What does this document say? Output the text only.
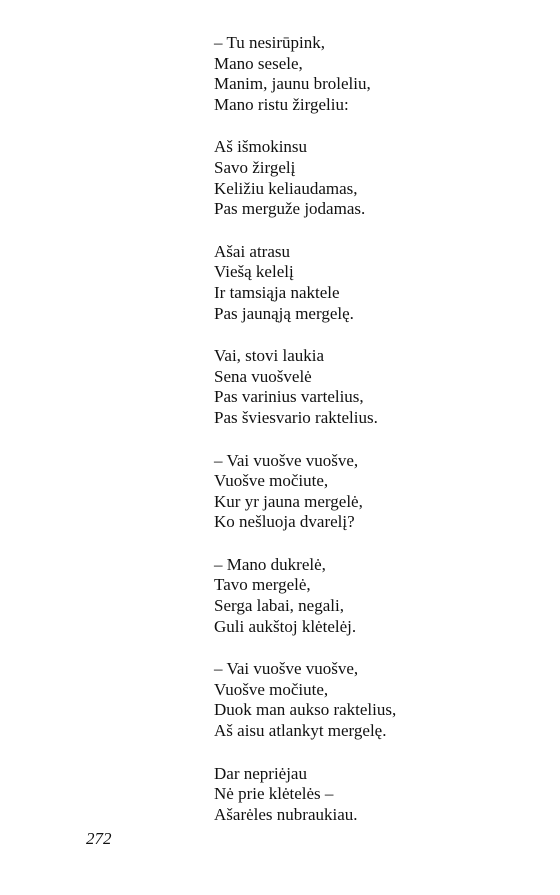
– Tu nesirūpink,
Mano sesele,
Manim, jaunu broleliu,
Mano ristu žirgeliu:
Aš išmokinsu
Savo žirgelį
Keližiu keliaudamas,
Pas merguže jodamas.
Ašai atrasu
Viešą kelelį
Ir tamsiąja naktele
Pas jaunąją mergelę.
Vai, stovi laukia
Sena vuošvelė
Pas varinius vartelius,
Pas šviesvario raktelius.
– Vai vuošve vuošve,
Vuošve močiute,
Kur yr jauna mergelė,
Ko nešluoja dvarelį?
– Mano dukrelė,
Tavo mergelė,
Serga labai, negali,
Guli aukštoj klėtelėj.
– Vai vuošve vuošve,
Vuošve močiute,
Duok man aukso raktelius,
Aš aisu atlankyt mergelę.
Dar nepriėjau
Nė prie klėtelės –
Ašarėles nubraukiau.
272
